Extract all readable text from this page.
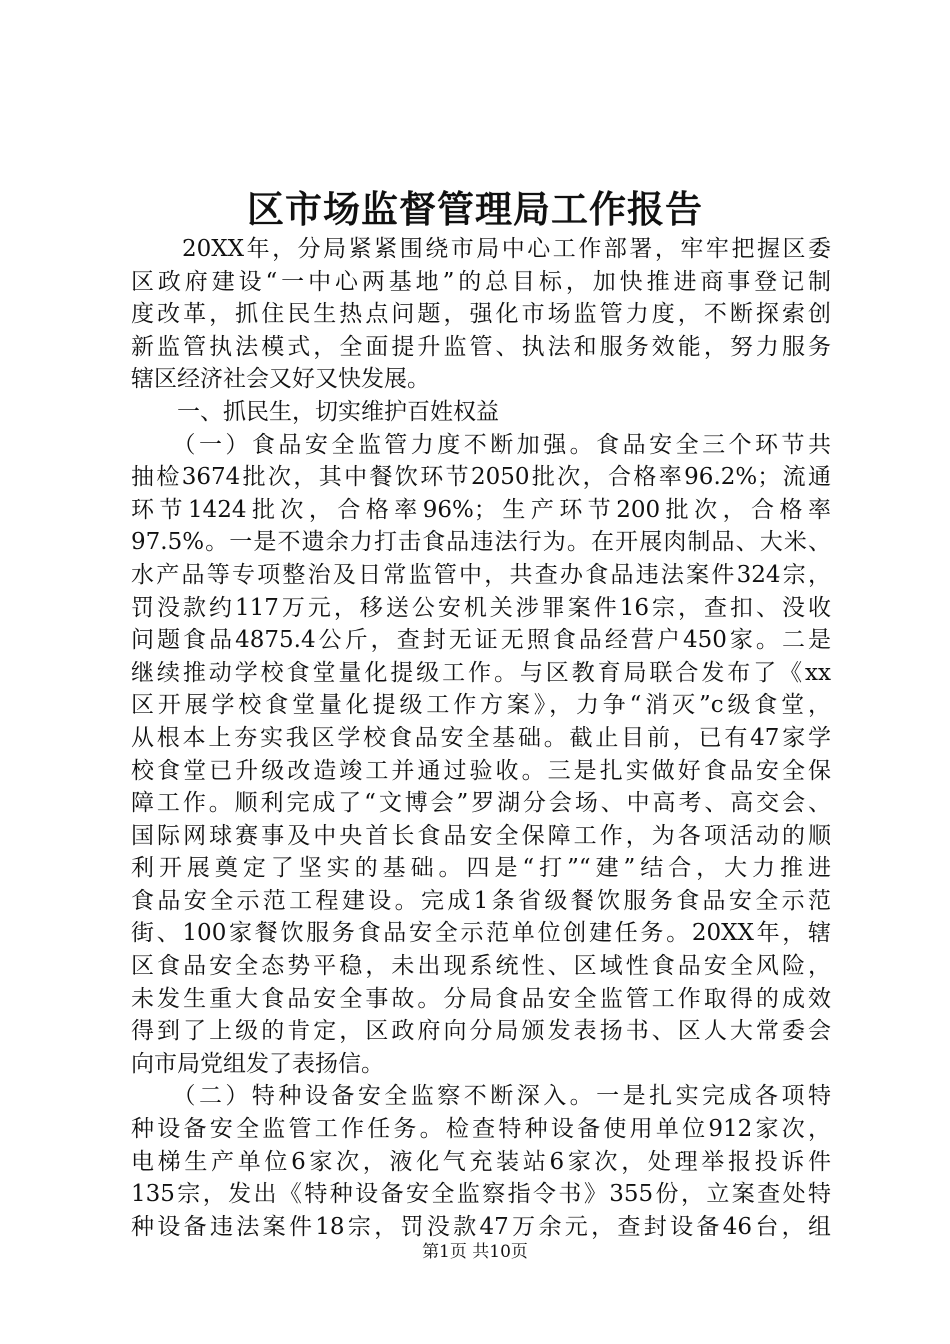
区市场监督管理局工作报告
　　20XX年，分局紧紧围绕市局中心工作部署，牢牢把握区委
区政府建设“一中心两基地”的总目标，加快推进商事登记制
度改革，抓住民生热点问题，强化市场监管力度，不断探索创
新监管执法模式，全面提升监管、执法和服务效能，努力服务
辖区经济社会又好又快发展。
　　一、抓民生，切实维护百姓权益
　　（一）食品安全监管力度不断加强。食品安全三个环节共
抽检3674批次，其中餐饮环节2050批次，合格率96.2%；流通
环节1424批次，合格率96%；生产环节200批次，合格率
97.5%。一是不遗余力打击食品违法行为。在开展肉制品、大米、
水产品等专项整治及日常监管中，共查办食品违法案件324宗，
罚没款约117万元，移送公安机关涉罪案件16宗，查扣、没收
问题食品4875.4公斤，查封无证无照食品经营户450家。二是
继续推动学校食堂量化提级工作。与区教育局联合发布了《xx
区开展学校食堂量化提级工作方案》，力争“消灭”c级食堂，
从根本上夯实我区学校食品安全基础。截止目前，已有47家学
校食堂已升级改造竣工并通过验收。三是扎实做好食品安全保
障工作。顺利完成了“文博会”罗湖分会场、中高考、高交会、
国际网球赛事及中央首长食品安全保障工作，为各项活动的顺
利开展奠定了坚实的基础。四是“打”“建”结合，大力推进
食品安全示范工程建设。完成1条省级餐饮服务食品安全示范
街、100家餐饮服务食品安全示范单位创建任务。20XX年，辖
区食品安全态势平稳，未出现系统性、区域性食品安全风险，
未发生重大食品安全事故。分局食品安全监管工作取得的成效
得到了上级的肯定，区政府向分局颁发表扬书、区人大常委会
向市局党组发了表扬信。
　　（二）特种设备安全监察不断深入。一是扎实完成各项特
种设备安全监管工作任务。检查特种设备使用单位912家次，
电梯生产单位6家次，液化气充装站6家次，处理举报投诉件
135宗，发出《特种设备安全监察指令书》355份，立案查处特
种设备违法案件18宗，罚没款47万余元，查封设备46台，组
第1页 共10页
